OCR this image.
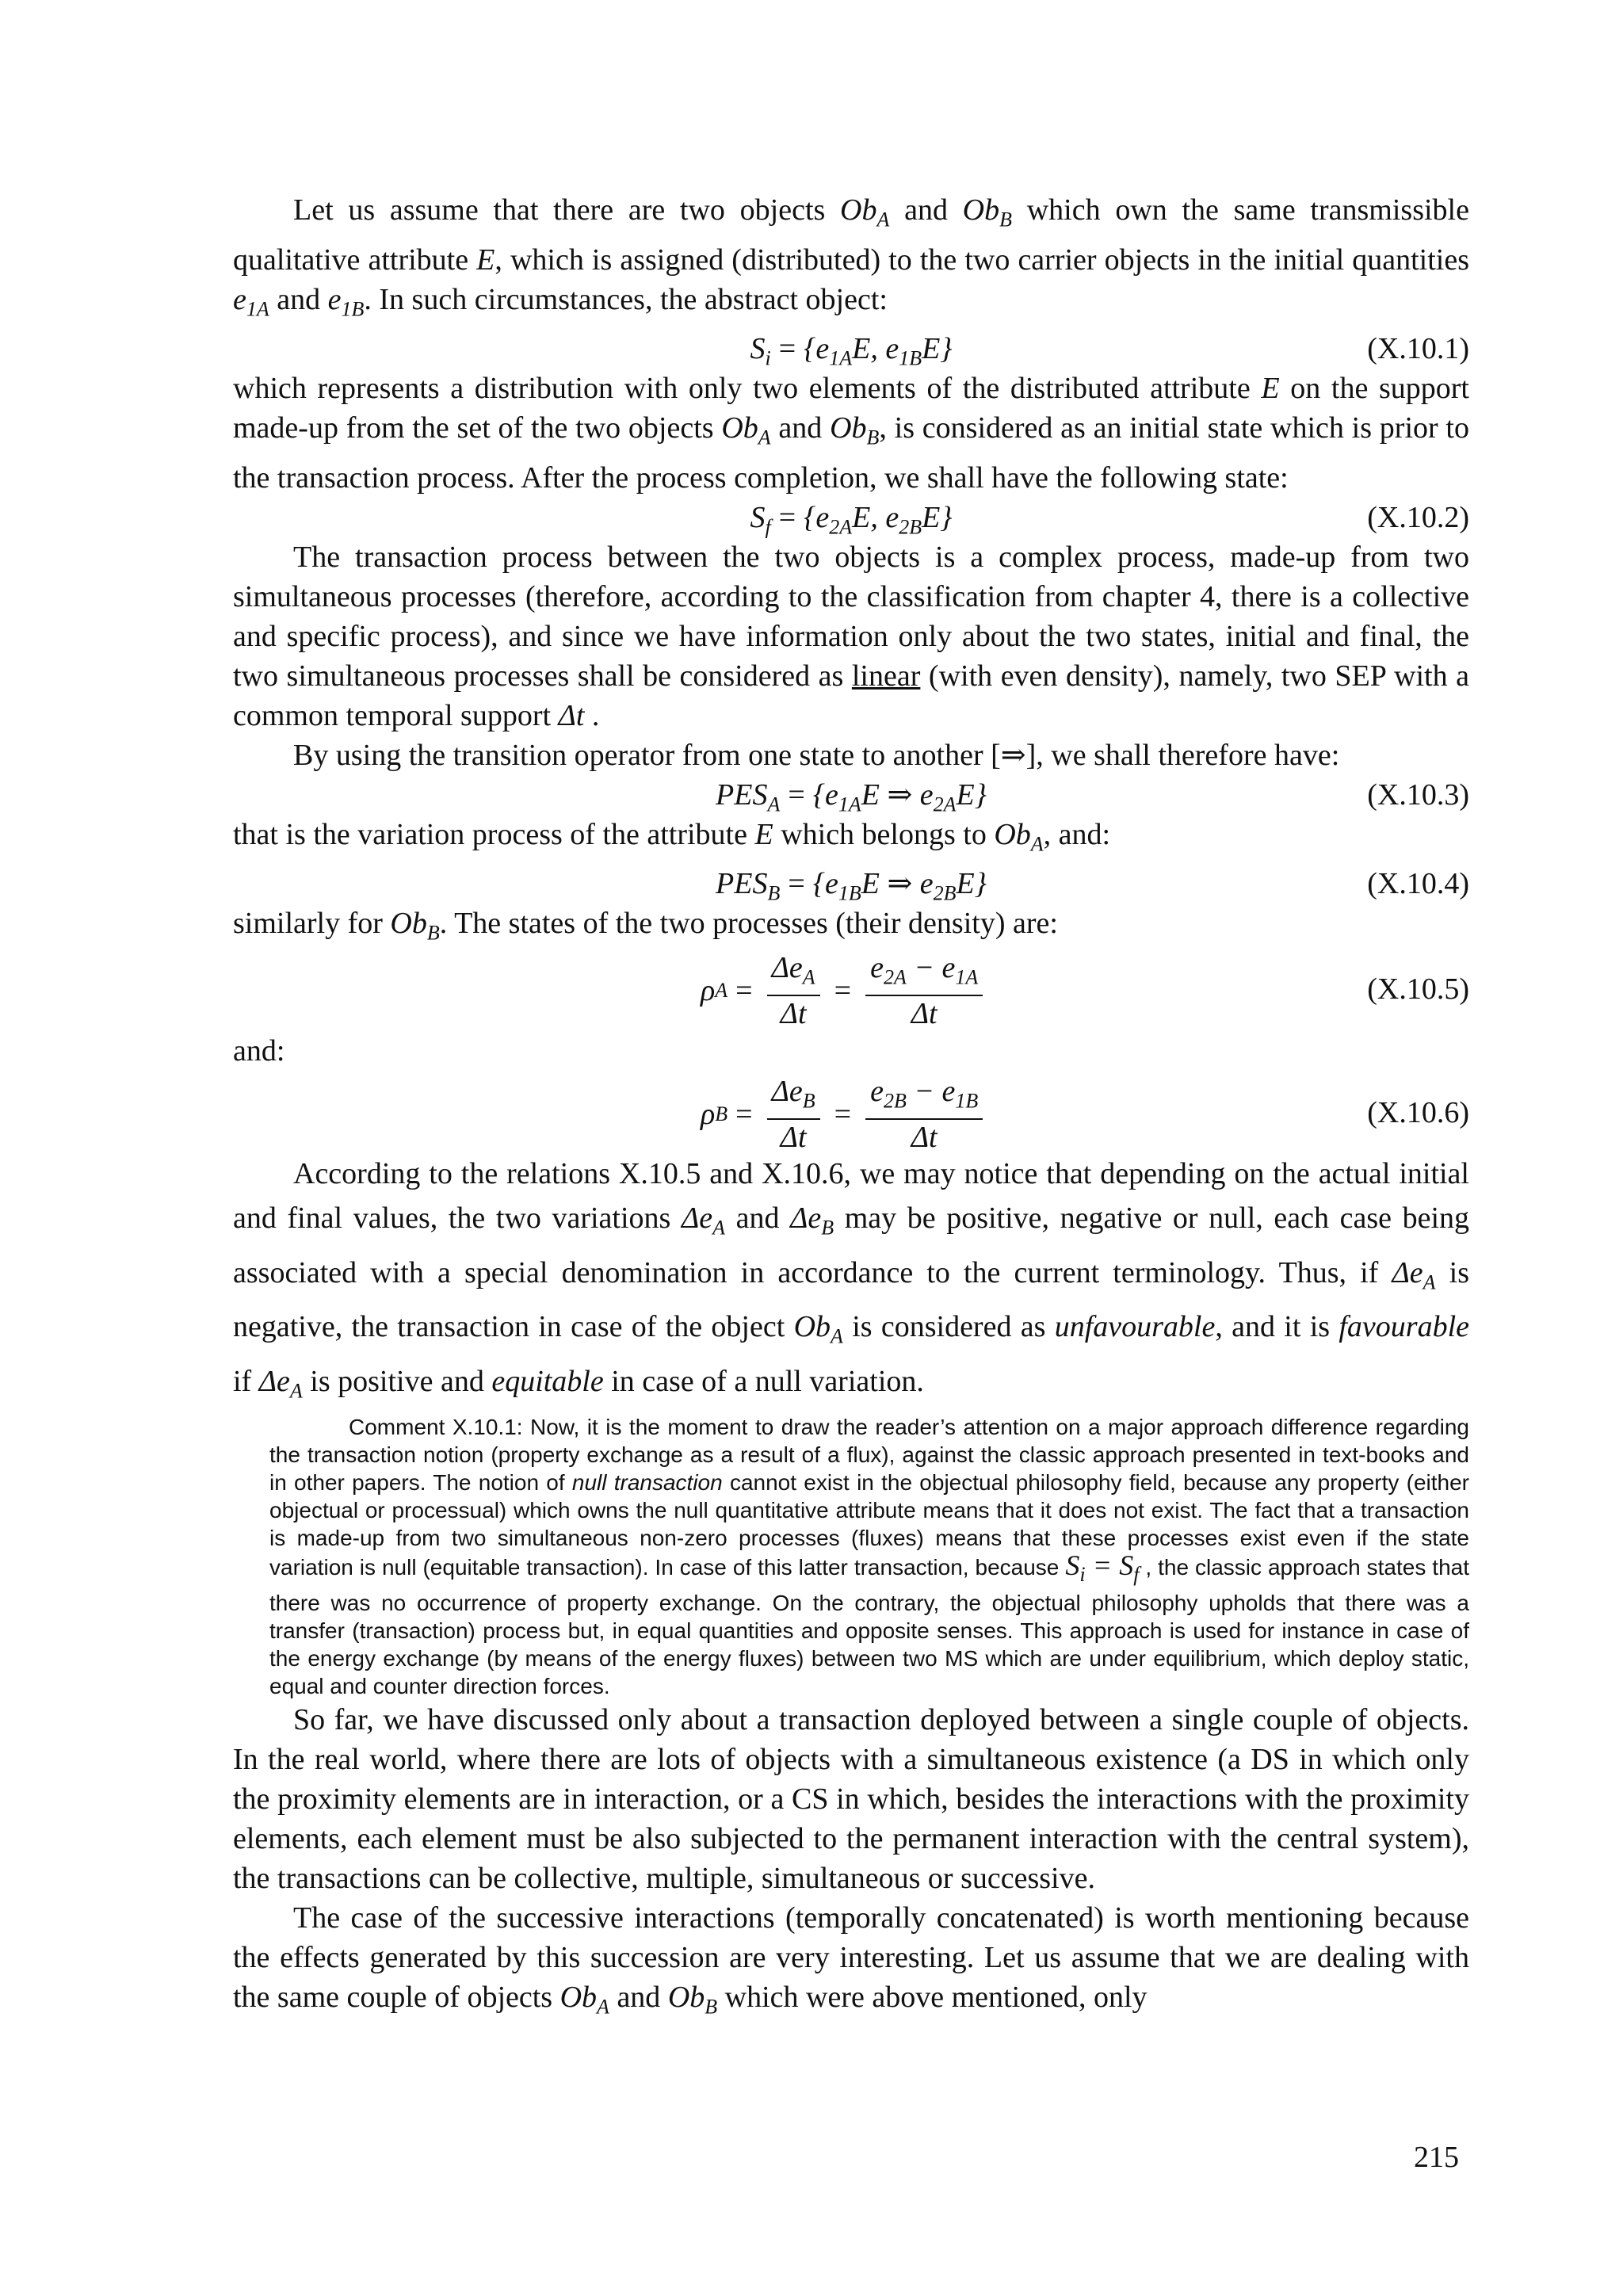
Let us assume that there are two objects $Ob_A$ and $Ob_B$ which own the same transmissible qualitative attribute E, which is assigned (distributed) to the two carrier objects in the initial quantities $e_{1A}$ and $e_{1B}$. In such circumstances, the abstract object:

$S_i = \{e_{1A}E$, $e_{1B}E$}	(X.10.1)

which represents a distribution with only two elements of the distributed attribute E on the support made-up from the set of the two objects $Ob_A$ and $Ob_B$, is considered as an initial state which is prior to the transaction process. After the process completion, we shall have the following state:

$S_f = \{e_{2A}E$, $e_{2B}E$}	(X.10.2)

The transaction process between the two objects is a complex process, made-up from two simultaneous processes (therefore, according to the classification from chapter 4, there is a collective and specific process), and since we have information only about the two states, initial and final, the two simultaneous processes shall be considered as linear (with even density), namely, two SEP with a common temporal support Δt .

By using the transition operator from one state to another [⇒], we shall therefore have:

$PES_A = \{e_{1A}E$ ⇒ $e_{2A}E$}	(X.10.3)

that is the variation process of the attribute E which belongs to $Ob_A$, and:

$PES_B = \{e_{1B}E$ ⇒ $e_{2B}E$}	(X.10.4)

similarly for $Ob_B$. The states of the two processes (their density) are:

ρ $A = \frac{\Delta e_A}{\Delta t} = \frac{e_{2A} - e_{1A}}{\Delta t}$	(X.10.5)

and:

ρ $B = \frac{\Delta e_B}{\Delta t} = \frac{e_{2B} - e_{1B}}{\Delta t}$	(X.10.6)

According to the relations X.10.5 and X.10.6, we may notice that depending on the actual initial and final values, the two variations $\Delta e_A$ and $\Delta e_B$ may be positive, negative or null, each case being associated with a special denomination in accordance to the current terminology. Thus, if $\Delta e_A$ is negative, the transaction in case of the object $Ob_A$ is considered as unfavourable, and it is favourable if $\Delta e_A$ is positive and equitable in case of a null variation.

Comment X.10.1: Now, it is the moment to draw the reader’s attention on a major approach difference regarding the transaction notion (property exchange as a result of a flux), against the classic approach presented in text-books and in other papers. The notion of null transaction cannot exist in the objectual philosophy field, because any property (either objectual or processual) which owns the null quantitative attribute means that it does not exist. The fact that a transaction is made-up from two simultaneous non-zero processes (fluxes) means that these processes exist even if the state variation is null (equitable transaction). In case of this latter transaction, because $S_i = S_f$ , the classic approach states that there was no occurrence of property exchange. On the contrary, the objectual philosophy upholds that there was a transfer (transaction) process but, in equal quantities and opposite senses. This approach is used for instance in case of the energy exchange (by means of the energy fluxes) between two MS which are under equilibrium, which deploy static, equal and counter direction forces.

So far, we have discussed only about a transaction deployed between a single couple of objects. In the real world, where there are lots of objects with a simultaneous existence (a DS in which only the proximity elements are in interaction, or a CS in which, besides the interactions with the proximity elements, each element must be also subjected to the permanent interaction with the central system), the transactions can be collective, multiple, simultaneous or successive.

The case of the successive interactions (temporally concatenated) is worth mentioning because the effects generated by this succession are very interesting. Let us assume that we are dealing with the same couple of objects $Ob_A$ and $Ob_B$ which were above mentioned, only

215
